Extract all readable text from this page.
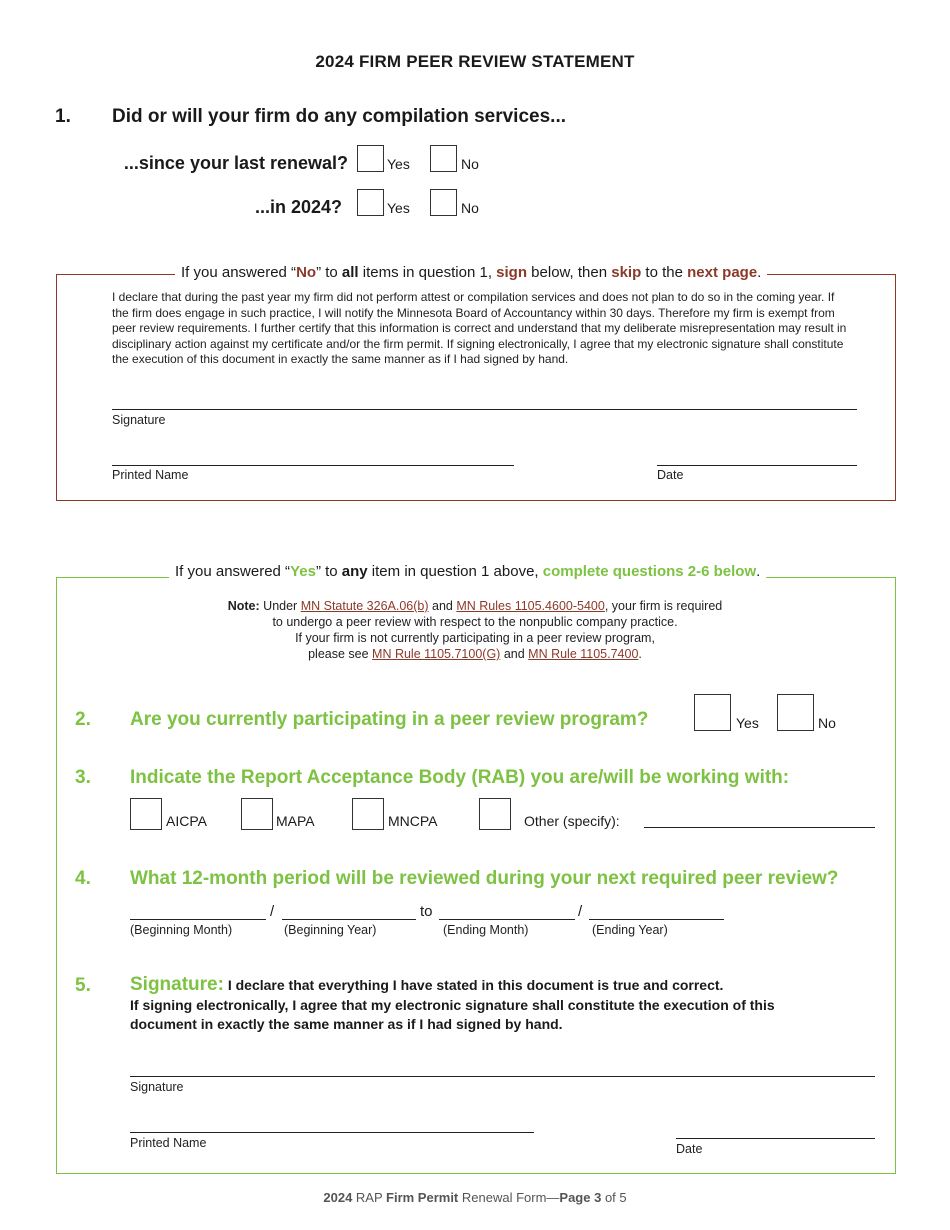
2024 FIRM PEER REVIEW STATEMENT
1. Did or will your firm do any compilation services...
...since your last renewal?	Yes	No
...in 2024?	Yes	No
If you answered “No” to all items in question 1, sign below, then skip to the next page.
I declare that during the past year my firm did not perform attest or compilation services and does not plan to do so in the coming year. If the firm does engage in such practice, I will notify the Minnesota Board of Accountancy within 30 days. Therefore my firm is exempt from peer review requirements. I further certify that this information is correct and understand that my deliberate misrepresentation may result in disciplinary action against my certificate and/or the firm permit. If signing electronically, I agree that my electronic signature shall constitute the execution of this document in exactly the same manner as if I had signed by hand.
Signature
Printed Name	Date
If you answered “Yes” to any item in question 1 above, complete questions 2-6 below.
Note: Under MN Statute 326A.06(b) and MN Rules 1105.4600-5400, your firm is required
to undergo a peer review with respect to the nonpublic company practice.
If your firm is not currently participating in a peer review program,
please see MN Rule 1105.7100(G) and MN Rule 1105.7400.
2. Are you currently participating in a peer review program?	Yes	No
3. Indicate the Report Acceptance Body (RAB) you are/will be working with:
AICPA	MAPA	MNCPA	Other (specify):
4. What 12-month period will be reviewed during your next required peer review?
/	to	/
(Beginning Month)	(Beginning Year)	(Ending Month)	(Ending Year)
5. Signature: I declare that everything I have stated in this document is true and correct.
If signing electronically, I agree that my electronic signature shall constitute the execution of this
document in exactly the same manner as if I had signed by hand.
Signature
Printed Name	Date
2024 RAP Firm Permit Renewal Form—Page 3 of 5
